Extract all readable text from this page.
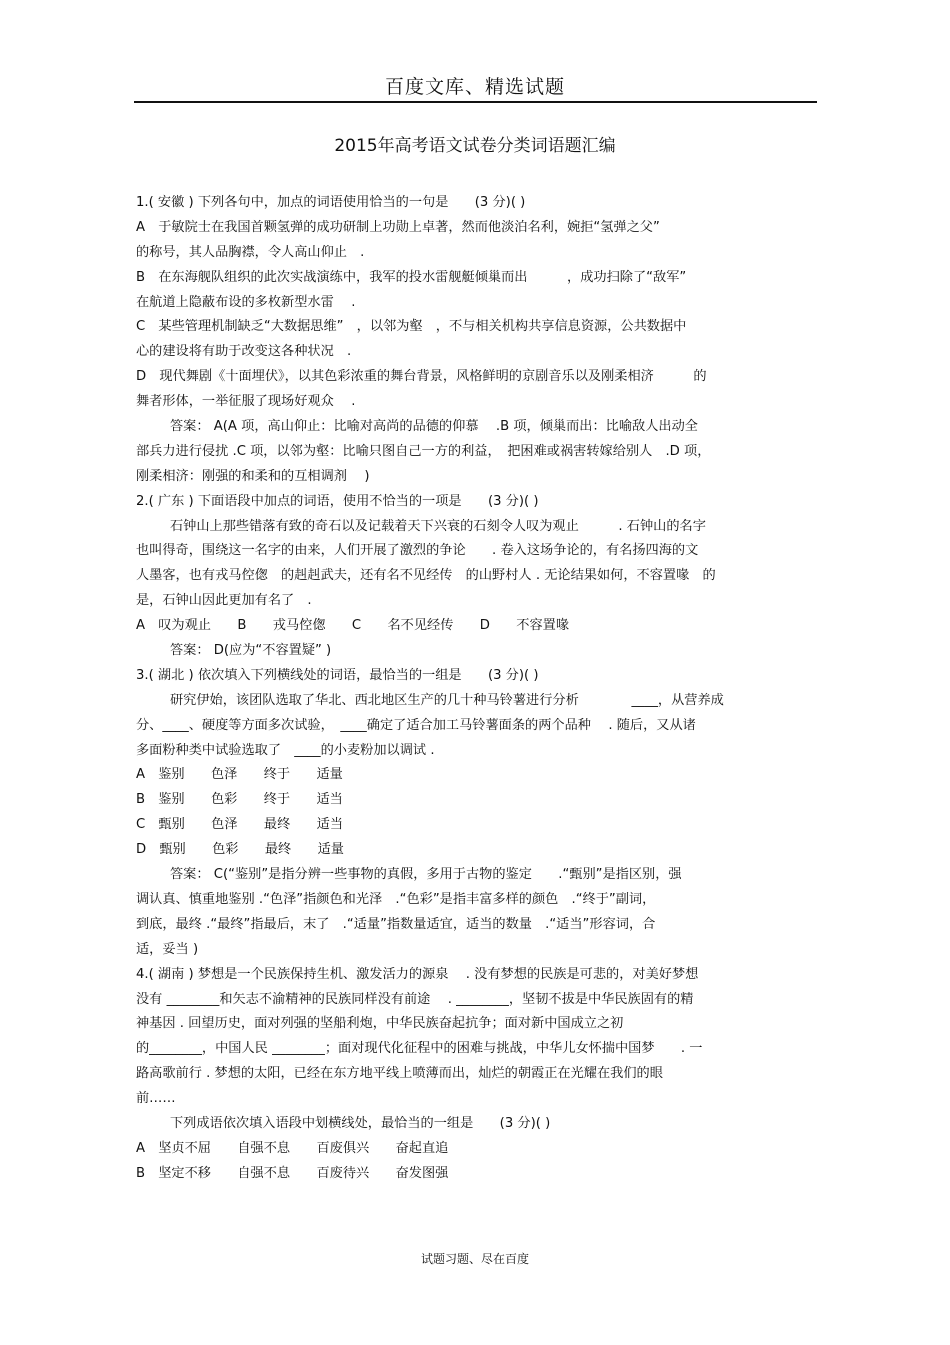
百度文库、精选试题
2015年高考语文试卷分类词语题汇编
1.( 安徽 ) 下列各句中，加点的词语使用恰当的一句是　　(3 分)( )
A　于敏院士在我国首颗氢弹的成功研制上功勋上卓著，然而他淡泊名利，婉拒“氢弹之父”
的称号，其人品胸襟，令人高山仰止　.
B　在东海舰队组织的此次实战演练中，我军的投水雷舰艇倾巢而出　　　，成功扫除了“敌军”
在航道上隐蔽布设的多枚新型水雷　 .
C　某些管理机制缺乏“大数据思维”　，以邻为壑　，不与相关机构共享信息资源，公共数据中
心的建设将有助于改变这各种状况　.
D　现代舞剧《十面埋伏》，以其色彩浓重的舞台背景，风格鲜明的京剧音乐以及刚柔相济　　　的
舞者形体，一举征服了现场好观众　 .
答案： A(A 项，高山仰止：比喻对高尚的品德的仰慕　 .B 项，倾巢而出：比喻敌人出动全
部兵力进行侵扰 .C 项，以邻为壑：比喻只图自己一方的利益，　把困难或祸害转嫁给别人　.D 项，
刚柔相济：刚强的和柔和的互相调剂　 )
2.( 广东 ) 下面语段中加点的词语，使用不恰当的一项是　　(3 分)( )
石钟山上那些错落有致的奇石以及记载着天下兴衰的石刻令人叹为观止　　　. 石钟山的名字
也叫得奇，围绕这一名字的由来，人们开展了激烈的争论　　. 卷入这场争论的，有名扬四海的文
人墨客，也有戎马倥偬　的赳赳武夫，还有名不见经传　的山野村人 . 无论结果如何，不容置喙　的
是，石钟山因此更加有名了　.
A　叹为观止　　B　　戎马倥偬　　C　　名不见经传　　D　　不容置喙
答案： D(应为“不容置疑” )
3.( 湖北 ) 依次填入下列横线处的词语，最恰当的一组是　　(3 分)( )
研究伊始，该团队选取了华北、西北地区生产的几十种马铃薯进行分析　　　　____，从营养成
分、____、硬度等方面多次试验，　____确定了适合加工马铃薯面条的两个品种　 . 随后，又从诸
多面粉种类中试验选取了　____的小麦粉加以调试 .
A　鉴别　　色泽　　终于　　适量
B　鉴别　　色彩　　终于　　适当
C　甄别　　色泽　　最终　　适当
D　甄别　　色彩　　最终　　适量
答案： C(“鉴别”是指分辨一些事物的真假，多用于古物的鉴定　　.“甄别”是指区别，强
调认真、慎重地鉴别 .“色泽”指颜色和光泽　.“色彩”是指丰富多样的颜色　.“终于”副词，
到底，最终 .“最终”指最后，末了　.“适量”指数量适宜，适当的数量　.“适当”形容词，合
适，妥当 )
4.( 湖南 ) 梦想是一个民族保持生机、激发活力的源泉　 . 没有梦想的民族是可悲的，对美好梦想
没有 ________和矢志不渝精神的民族同样没有前途　 . ________，坚韧不拔是中华民族固有的精
神基因 . 回望历史，面对列强的坚船利炮，中华民族奋起抗争；面对新中国成立之初
的________，中国人民 ________；面对现代化征程中的困难与挑战，中华儿女怀揣中国梦　　. 一
路高歌前行 . 梦想的太阳，已经在东方地平线上喷薄而出，灿烂的朝霞正在光耀在我们的眼
前……
下列成语依次填入语段中划横线处，最恰当的一组是　　(3 分)( )
A　坚贞不屈　　自强不息　　百废俱兴　　奋起直追
B　坚定不移　　自强不息　　百废待兴　　奋发图强
试题习题、尽在百度
